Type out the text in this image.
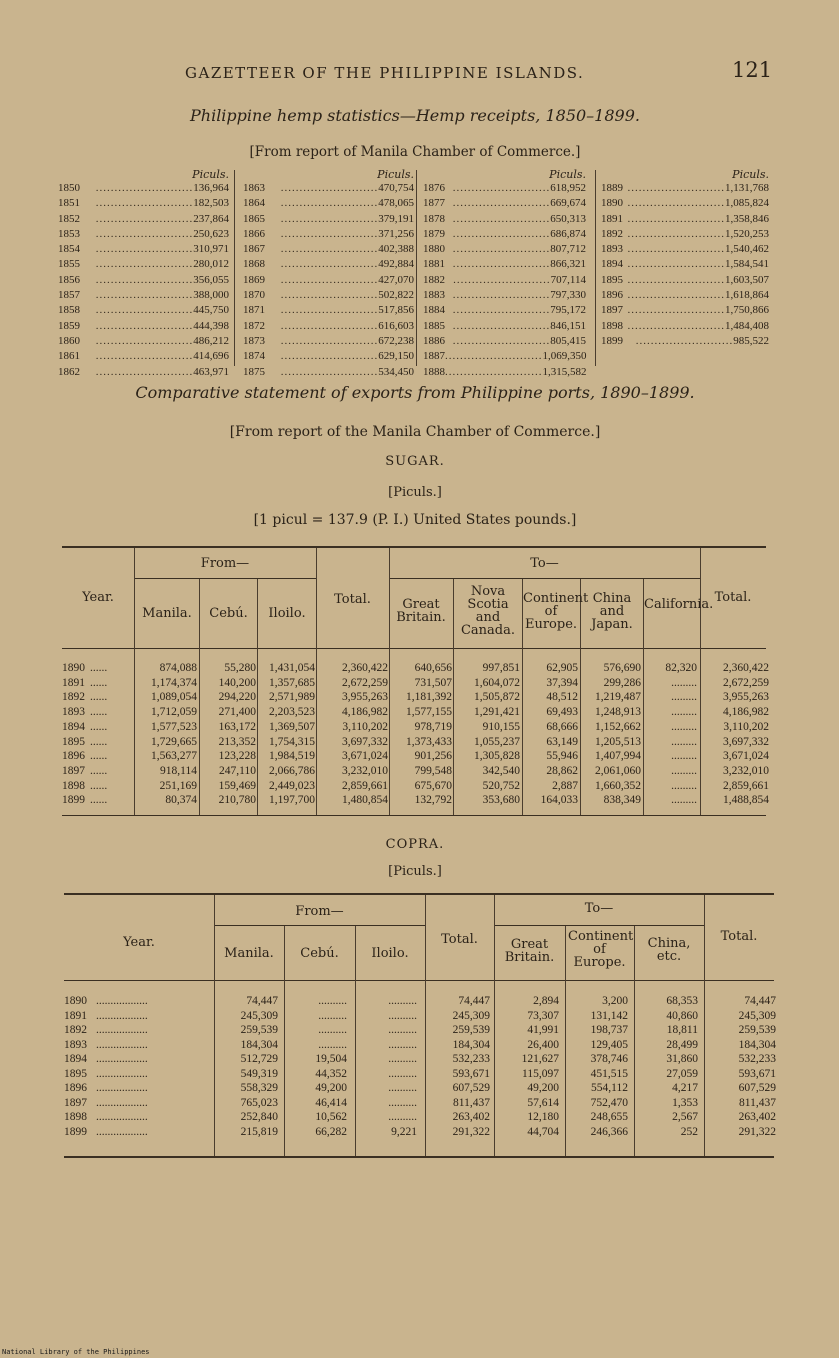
GAZETTEER OF THE PHILIPPINE ISLANDS.	121
Philippine hemp statistics—Hemp receipts, 1850–1899.
[From report of Manila Chamber of Commerce.]
Piculs.
1850	.......................... 136,964
1851	.......................... 182,503
1852	.......................... 237,864
1853	.......................... 250,623
1854	.......................... 310,971
1855	.......................... 280,012
1856	.......................... 356,055
1857	.......................... 388,000
1858	.......................... 445,750
1859	.......................... 444,398
1860	.......................... 486,212
1861	.......................... 414,696
1862	.......................... 463,971
Piculs.
1863	.......................... 470,754
1864	.......................... 478,065
1865	.......................... 379,191
1866	.......................... 371,256
1867	.......................... 402,388
1868	.......................... 492,884
1869	.......................... 427,070
1870	.......................... 502,822
1871	.......................... 517,856
1872	.......................... 616,603
1873	.......................... 672,238
1874	.......................... 629,150
1875	.......................... 534,450
Piculs.
1876 .......................... 618,952
1877 .......................... 669,674
1878 .......................... 650,313
1879 .......................... 686,874
1880 .......................... 807,712
1881 .......................... 866,321
1882 .......................... 707,114
1883 .......................... 797,330
1884 .......................... 795,172
1885 .......................... 846,151
1886 .......................... 805,415
1887 .......................... 1,069,350
1888 .......................... 1,315,582
Piculs.
1889 .......................... 1,131,768
1890 .......................... 1,085,824
1891 .......................... 1,358,846
1892 .......................... 1,520,253
1893 .......................... 1,540,462
1894 .......................... 1,584,541
1895 .......................... 1,603,507
1896 .......................... 1,618,864
1897 .......................... 1,750,866
1898 .......................... 1,484,408
1899	.......................... 985,522
Comparative statement of exports from Philippine ports, 1890–1899.
[From report of the Manila Chamber of Commerce.]
SUGAR.
[Piculs.]
[1 picul = 137.9 (P. I.) United States pounds.]
Year.
From—
Total.
To—
Total.
Manila.	Cebú.	Iloilo.
Great Britain.
Nova Scotia and Canada.
Continent of Europe.
China and Japan.
California.
1890 ......	874,088 55,280 1,431,054 2,360,422 640,656	997,851 62,905 576,690 82,320 2,360,422
1891 ......	1,174,374 140,200 1,357,685 2,672,259 731,507 1,604,072 37,394 299,286	......... 2,672,259
1892 ......	1,089,054 294,220 2,571,989 3,955,263 1,181,392 1,505,872 48,512 1,219,487	......... 3,955,263
1893 ......	1,712,059 271,400 2,203,523 4,186,982 1,577,155 1,291,421 69,493 1,248,913	......... 4,186,982
1894 ......	1,577,523 163,172 1,369,507 3,110,202 978,719	910,155 68,666 1,152,662	......... 3,110,202
1895 ......	1,729,665 213,352 1,754,315 3,697,332 1,373,433 1,055,237 63,149 1,205,513	......... 3,697,332
1896 ......	1,563,277 123,228 1,984,519 3,671,024 901,256 1,305,828 55,946 1,407,994	......... 3,671,024
1897 ......	918,114 247,110 2,066,786 3,232,010 799,548	342,540 28,862 2,061,060	......... 3,232,010
1898 ......	251,169 159,469 2,449,023 2,859,661 675,670	520,752	2,887 1,660,352	......... 2,859,661
1899 ......	80,374 210,780 1,197,700 1,480,854 132,792	353,680 164,033 838,349	......... 1,488,854
COPRA.
[Piculs.]
Year.
From—
Total.
To—
Total.
Manila.	Cebú.	Iloilo.
Great Britain.
Continent of Europe.
China, etc.
1890 ..................	74,447	..........	..........	74,447	2,894	3,200	68,353	74,447
1891 ..................	245,309	..........	..........	245,309	73,307	131,142	40,860	245,309
1892 ..................	259,539	..........	..........	259,539	41,991	198,737	18,811	259,539
1893 ..................	184,304	..........	..........	184,304	26,400	129,405	28,499	184,304
1894 ..................	512,729	19,504	..........	532,233	121,627	378,746	31,860	532,233
1895 ..................	549,319	44,352	..........	593,671	115,097	451,515	27,059	593,671
1896 ..................	558,329	49,200	..........	607,529	49,200	554,112	4,217	607,529
1897 ..................	765,023	46,414	..........	811,437	57,614	752,470	1,353	811,437
1898 ..................	252,840	10,562	..........	263,402	12,180	248,655	2,567	263,402
1899 ..................	215,819	66,282	9,221	291,322	44,704	246,366	252	291,322
National Library of the Philippines
